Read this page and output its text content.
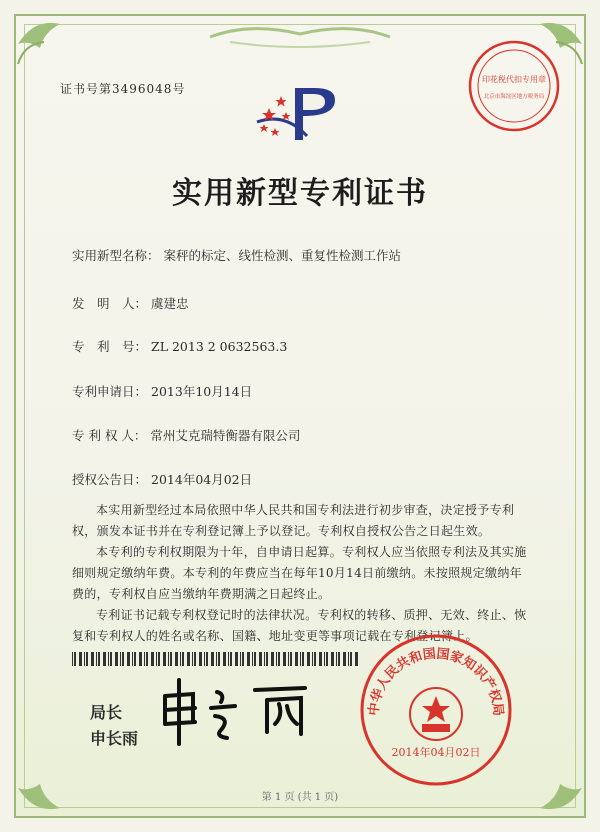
证书号第3496048号
印花税代扣专用章
北京市海淀区地方税务局
实用新型专利证书
实用新型名称： 案秤的标定、线性检测、重复性检测工作站
发　明　人： 虞建忠
专　利　号： ZL 2013 2 0632563.3
专利申请日： 2013年10月14日
专 利 权 人： 常州艾克瑞特衡器有限公司
授权公告日： 2014年04月02日

本实用新型经过本局依照中华人民共和国专利法进行初步审查，决定授予专利权，颁发本证书并在专利登记簿上予以登记。专利权自授权公告之日起生效。

本专利的专利权期限为十年，自申请日起算。专利权人应当依照专利法及其实施细则规定缴纳年费。本专利的年费应当在每年10月14日前缴纳。未按照规定缴纳年费的，专利权自应当缴纳年费期满之日起终止。

专利证书记载专利权登记时的法律状况。专利权的转移、质押、无效、终止、恢复和专利权人的姓名或名称、国籍、地址变更等事项记载在专利登记簿上。

局长
申长雨
中华人民共和国国家知识产权局
2014年04月02日
第 1 页 (共 1 页)
